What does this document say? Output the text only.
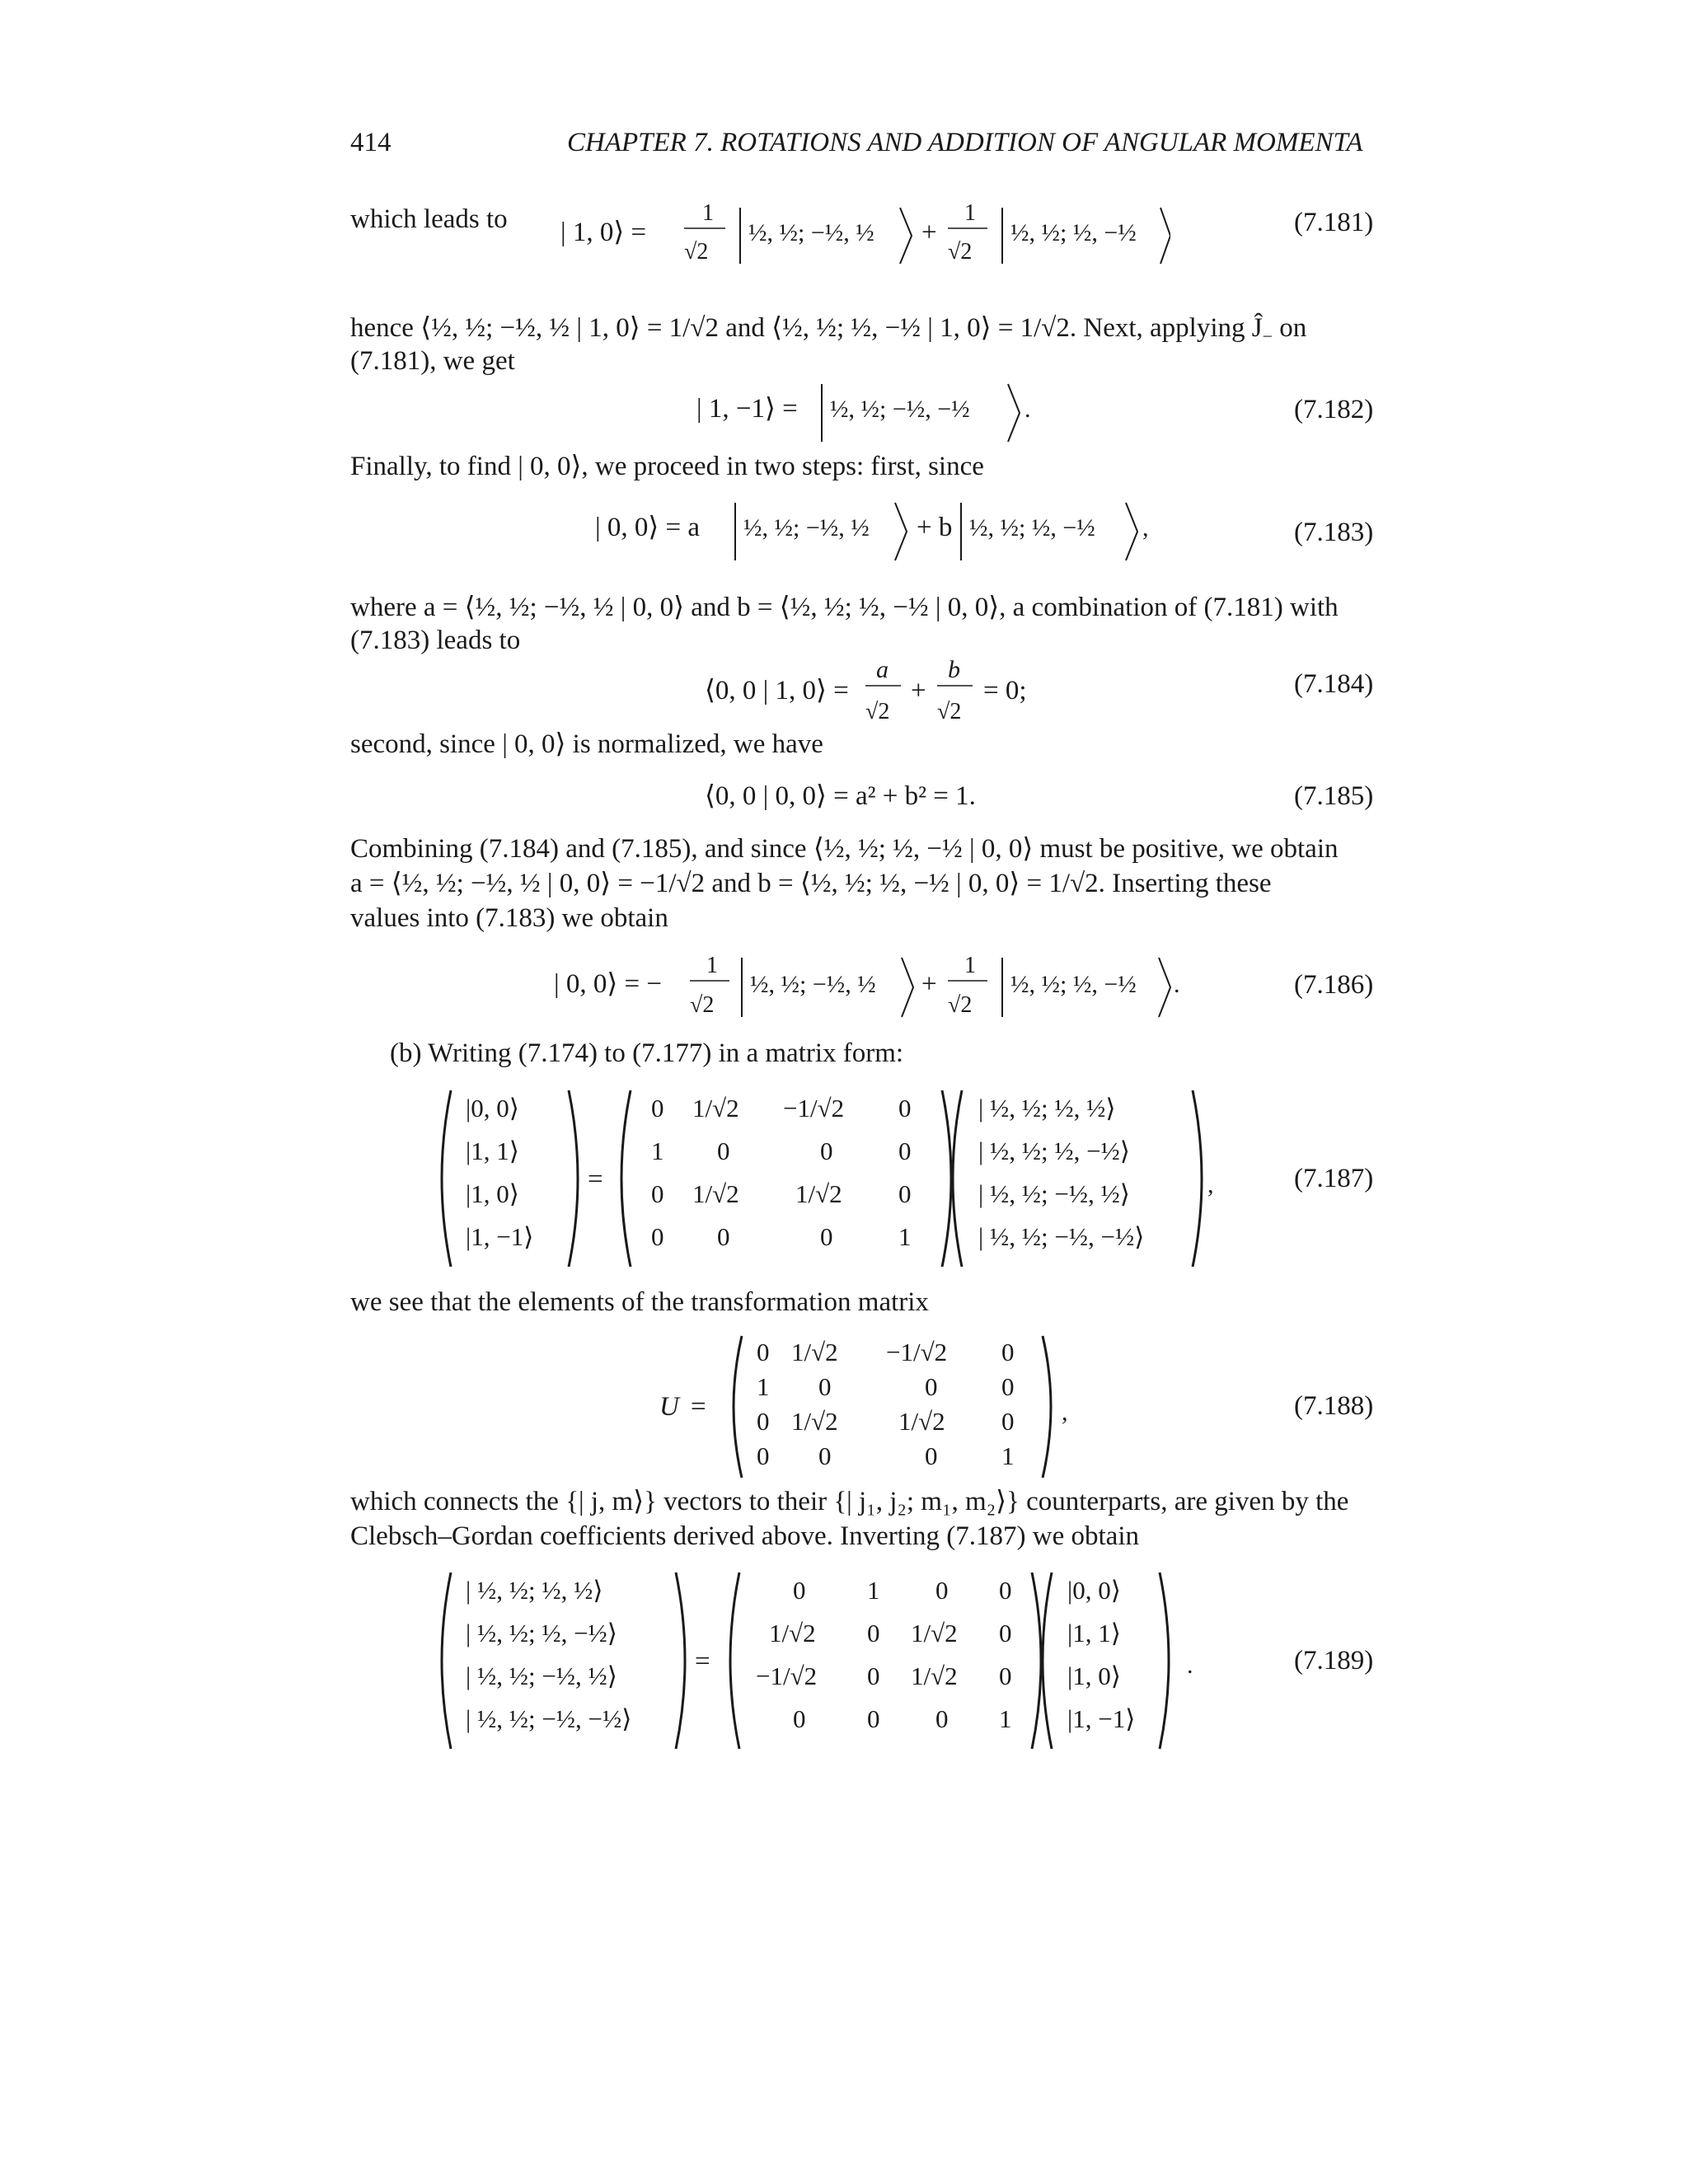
414	CHAPTER 7. ROTATIONS AND ADDITION OF ANGULAR MOMENTA
which leads to | 1, 0⟩ =
1
√2
½, ½; −½, ½ +
1
√2
½, ½; ½, −½	(7.181)
hence ⟨½, ½; −½, ½ | 1, 0⟩ = 1/√2 and ⟨½, ½; ½, −½ | 1, 0⟩ = 1/√2. Next, applying $Ĵ_-$ on
(7.181), we get
| 1, −1⟩ = ½, ½; −½, −½ .	(7.182)
Finally, to find | 0, 0⟩, we proceed in two steps: first, since
| 0, 0⟩ = a ½, ½; −½, ½ + b ½, ½; ½, −½ ,	(7.183)
where a = ⟨½, ½; −½, ½ | 0, 0⟩ and b = ⟨½, ½; ½, −½ | 0, 0⟩, a combination of (7.181) with
(7.183) leads to
⟨0, 0 | 1, 0⟩ =
a
√2
+
b
√2
= 0;	(7.184)
second, since | 0, 0⟩ is normalized, we have
⟨0, 0 | 0, 0⟩ = a² + b² = 1.	(7.185)
Combining (7.184) and (7.185), and since ⟨½, ½; ½, −½ | 0, 0⟩ must be positive, we obtain
a = ⟨½, ½; −½, ½ | 0, 0⟩ = −1/√2 and b = ⟨½, ½; ½, −½ | 0, 0⟩ = 1/√2. Inserting these
values into (7.183) we obtain
| 0, 0⟩ = −
1
√2
½, ½; −½, ½ +
1
√2
½, ½; ½, −½ .	(7.186)
(b) Writing (7.174) to (7.177) in a matrix form:
=	,
|0, 0⟩
|1, 1⟩
|1, 0⟩
|1, −1⟩
0 1/√2 −1/√2 0
1 0	0	0
0 1/√2 1/√2 0
0 0	0	1
| ½, ½; ½, ½⟩
| ½, ½; ½, −½⟩
| ½, ½; −½, ½⟩
| ½, ½; −½, −½⟩
(7.187)
we see that the elements of the transformation matrix
U =	,
0 1/√2 −1/√2 0
1 0	0	0
0 1/√2 1/√2 0
0 0	0	1
(7.188)
which connects the {| j, m⟩} vectors to their {| j₁, j₂; m₁, m₂⟩} counterparts, are given by the
Clebsch–Gordan coefficients derived above. Inverting (7.187) we obtain
=	.
| ½, ½; ½, ½⟩
| ½, ½; ½, −½⟩
| ½, ½; −½, ½⟩
| ½, ½; −½, −½⟩
0 1 0 0
1/√2 0 1/√2 0
−1/√2 0 1/√2 0
0 0 0 1
|0, 0⟩
|1, 1⟩
|1, 0⟩
|1, −1⟩
(7.189)
